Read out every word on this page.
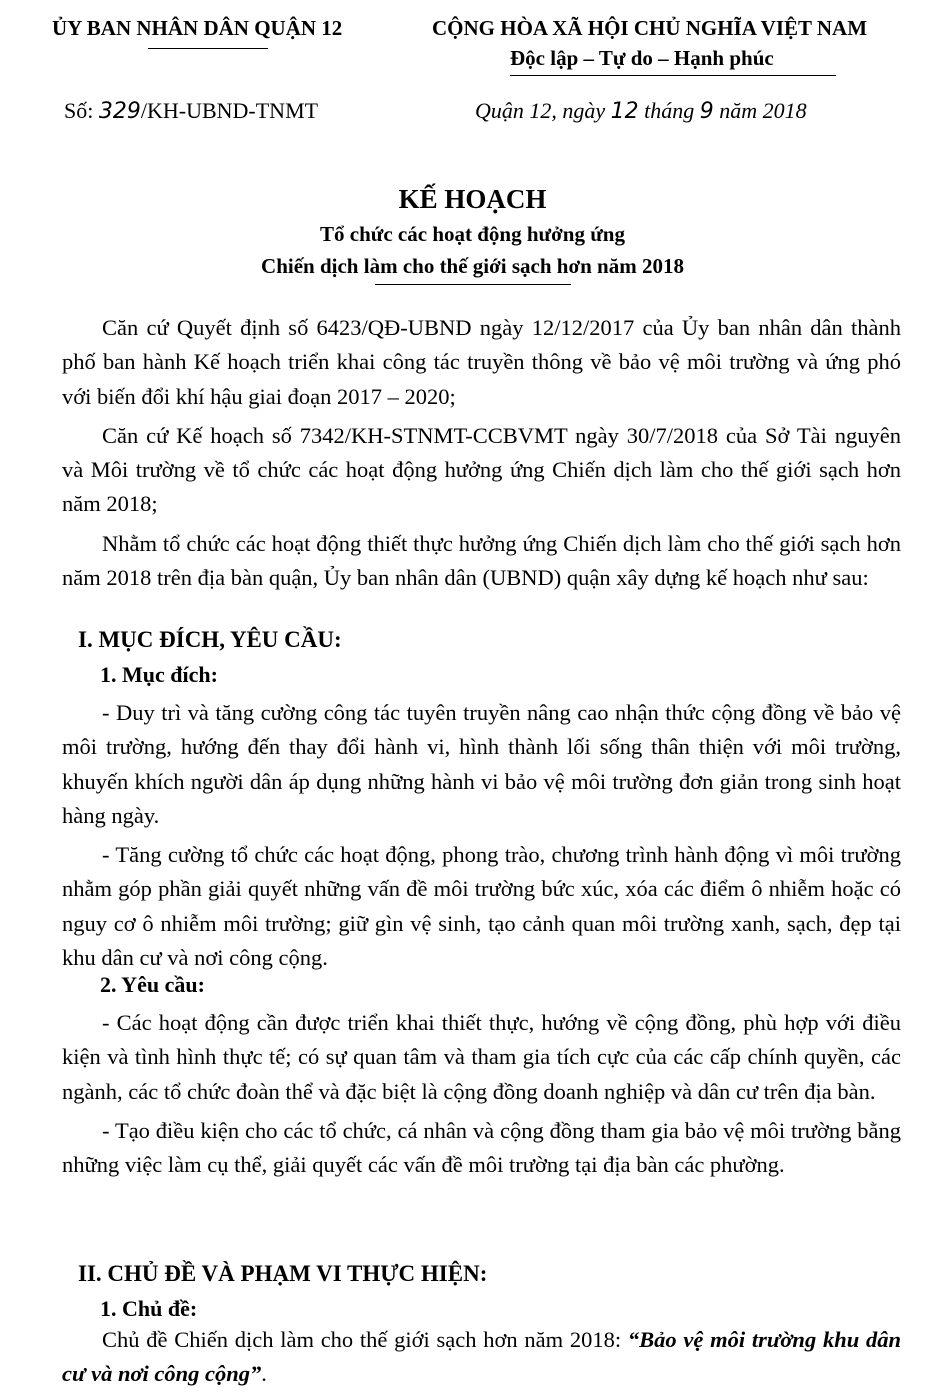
ỦY BAN NHÂN DÂN QUẬN 12	CỘNG HÒA XÃ HỘI CHỦ NGHĨA VIỆT NAM
Độc lập – Tự do – Hạnh phúc
Số: 329/KH-UBND-TNMT	Quận 12, ngày 12 tháng 9 năm 2018
KẾ HOẠCH
Tổ chức các hoạt động hưởng ứng
Chiến dịch làm cho thế giới sạch hơn năm 2018

Căn cứ Quyết định số 6423/QĐ-UBND ngày 12/12/2017 của Ủy ban nhân dân thành phố ban hành Kế hoạch triển khai công tác truyền thông về bảo vệ môi trường và ứng phó với biến đổi khí hậu giai đoạn 2017 – 2020;

Căn cứ Kế hoạch số 7342/KH-STNMT-CCBVMT ngày 30/7/2018 của Sở Tài nguyên và Môi trường về tổ chức các hoạt động hưởng ứng Chiến dịch làm cho thế giới sạch hơn năm 2018;

Nhằm tổ chức các hoạt động thiết thực hưởng ứng Chiến dịch làm cho thế giới sạch hơn năm 2018 trên địa bàn quận, Ủy ban nhân dân (UBND) quận xây dựng kế hoạch như sau:

I. MỤC ĐÍCH, YÊU CẦU:
1. Mục đích:

- Duy trì và tăng cường công tác tuyên truyền nâng cao nhận thức cộng đồng về bảo vệ môi trường, hướng đến thay đổi hành vi, hình thành lối sống thân thiện với môi trường, khuyến khích người dân áp dụng những hành vi bảo vệ môi trường đơn giản trong sinh hoạt hàng ngày.

- Tăng cường tổ chức các hoạt động, phong trào, chương trình hành động vì môi trường nhằm góp phần giải quyết những vấn đề môi trường bức xúc, xóa các điểm ô nhiễm hoặc có nguy cơ ô nhiễm môi trường; giữ gìn vệ sinh, tạo cảnh quan môi trường xanh, sạch, đẹp tại khu dân cư và nơi công cộng.

2. Yêu cầu:

- Các hoạt động cần được triển khai thiết thực, hướng về cộng đồng, phù hợp với điều kiện và tình hình thực tế; có sự quan tâm và tham gia tích cực của các cấp chính quyền, các ngành, các tổ chức đoàn thể và đặc biệt là cộng đồng doanh nghiệp và dân cư trên địa bàn.

- Tạo điều kiện cho các tổ chức, cá nhân và cộng đồng tham gia bảo vệ môi trường bằng những việc làm cụ thể, giải quyết các vấn đề môi trường tại địa bàn các phường.

II. CHỦ ĐỀ VÀ PHẠM VI THỰC HIỆN:
1. Chủ đề:

Chủ đề Chiến dịch làm cho thế giới sạch hơn năm 2018: “Bảo vệ môi trường khu dân cư và nơi công cộng”.
